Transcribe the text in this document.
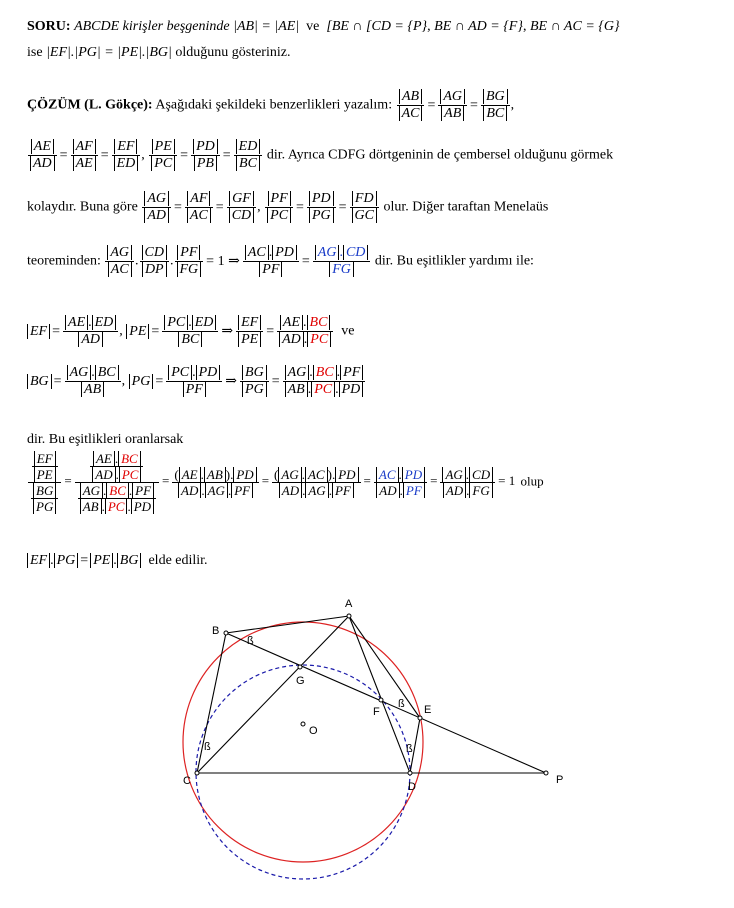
SORU: ABCDE kirişler beşgeninde |AB| = |AE| ve [BE ∩ [CD = {P}, BE ∩ AD = {F}, BE ∩ AC = {G}
ise |EF|.|PG| = |PE|.|BG| olduğunu gösteriniz.
ÇÖZÜM (L. Gökçe): Aşağıdaki şekildeki benzerlikleri yazalım: $\frac{AB}{AC} = \frac{AG}{AB} = \frac{BG}{BC}$ ,
$\frac{AE}{AD} = \frac{AF}{AE} = \frac{EF}{ED}$ , $\frac{PE}{PC} = \frac{PD}{PB} = \frac{ED}{BC}$ dir. Ayrıca CDFG dörtgeninin de çembersel olduğunu görmek
kolaydır. Buna göre $\frac{AG}{AD} = \frac{AF}{AC} = \frac{GF}{CD}$ , $\frac{PF}{PC} = \frac{PD}{PG} = \frac{FD}{GC}$ olur. Diğer taraftan Menelaüs
teoreminden: $\frac{AG}{AC}$ . $\frac{CD}{DP}$ . $\frac{PF}{FG} = 1$ ⇒ $\frac{AC . PD}{PF} = \frac{AG . CD}{FG}$ dir. Bu eşitlikler yardımı ile:
EF = $\frac{AE . ED}{AD}$ , PE = $\frac{PC . ED}{BC}$ ⇒ $\frac{EF}{PE} = \frac{AE . BC}{AD . PC}$ ve
BG = $\frac{AG . BC}{AB}$ , PG = $\frac{PC . PD}{PF}$ ⇒ $\frac{BG}{PG} = \frac{AG . BC . PF}{AB . PC . PD}$
dir. Bu eşitlikleri oranlarsak
$\frac{\frac{EF}{PE}}{\frac{BG}{PG}} = \frac{\frac{AE . BC}{AD . PC}}{\frac{AG . BC . PF}{AB . PC . PD}} = \frac{( AE . AB ). PD}{AD . AG . PF} = \frac{( AG . AC ). PD}{AD . AG . PF} = \frac{AC . PD}{AD . PF} = \frac{AG . CD}{AD . FG} = 1$ olup
EF . PG = PE . BG elde edilir.
A
B
C	D
E
F
G
O
P
ß
ß
ß
ß
